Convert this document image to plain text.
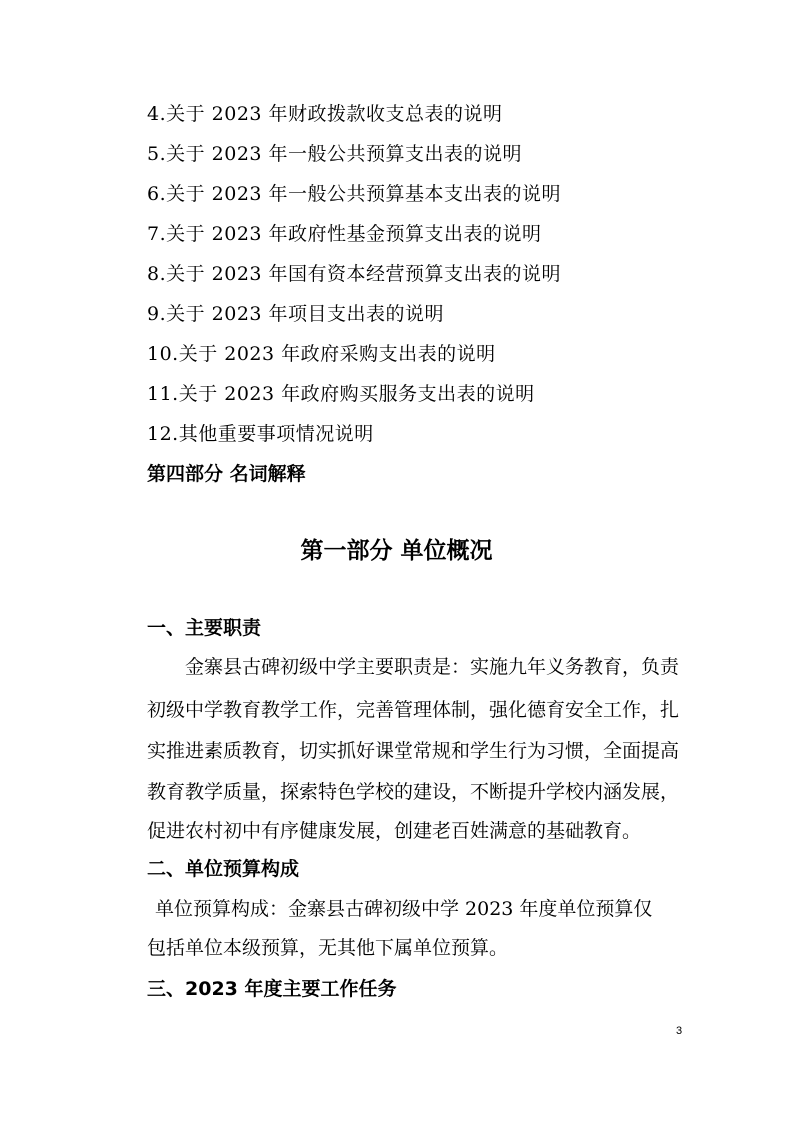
4.关于 2023 年财政拨款收支总表的说明
5.关于 2023 年一般公共预算支出表的说明
6.关于 2023 年一般公共预算基本支出表的说明
7.关于 2023 年政府性基金预算支出表的说明
8.关于 2023 年国有资本经营预算支出表的说明
9.关于 2023 年项目支出表的说明
10.关于 2023 年政府采购支出表的说明
11.关于 2023 年政府购买服务支出表的说明
12.其他重要事项情况说明
第四部分 名词解释
第一部分 单位概况
一、主要职责
金寨县古碑初级中学主要职责是：实施九年义务教育，负责
初级中学教育教学工作，完善管理体制，强化德育安全工作，扎
实推进素质教育，切实抓好课堂常规和学生行为习惯，全面提高
教育教学质量，探索特色学校的建设，不断提升学校内涵发展，
促进农村初中有序健康发展，创建老百姓满意的基础教育。
二、单位预算构成
单位预算构成：金寨县古碑初级中学 2023 年度单位预算仅
包括单位本级预算，无其他下属单位预算。
三、2023 年度主要工作任务
3
